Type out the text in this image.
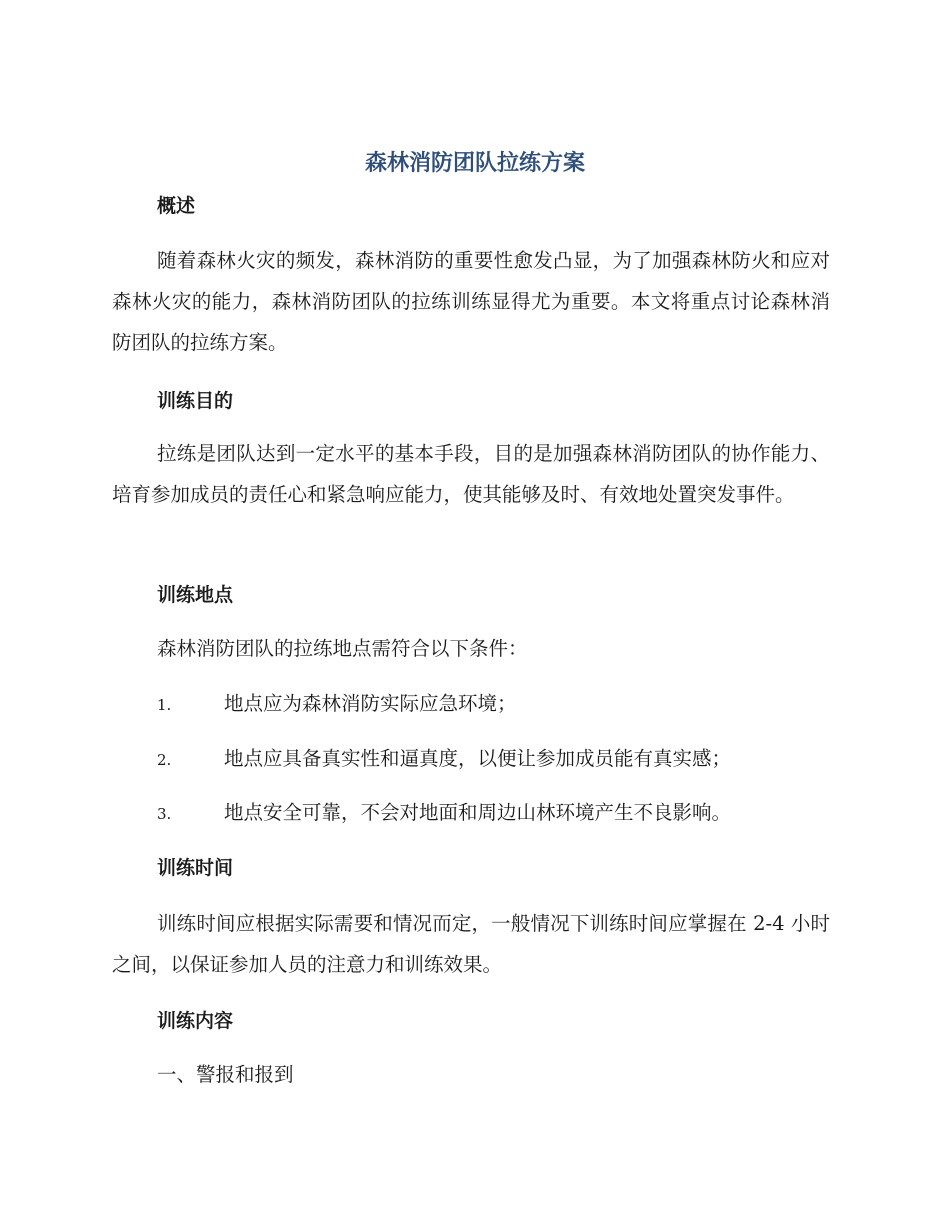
森林消防团队拉练方案
概述
随着森林火灾的频发，森林消防的重要性愈发凸显，为了加强森林防火和应对森林火灾的能力，森林消防团队的拉练训练显得尤为重要。本文将重点讨论森林消防团队的拉练方案。
训练目的
拉练是团队达到一定水平的基本手段，目的是加强森林消防团队的协作能力、培育参加成员的责任心和紧急响应能力，使其能够及时、有效地处置突发事件。
训练地点
森林消防团队的拉练地点需符合以下条件：
1.	地点应为森林消防实际应急环境；
2.	地点应具备真实性和逼真度，以便让参加成员能有真实感；
3.	地点安全可靠，不会对地面和周边山林环境产生不良影响。
训练时间
训练时间应根据实际需要和情况而定，一般情况下训练时间应掌握在 2-4 小时之间，以保证参加人员的注意力和训练效果。
训练内容
一、警报和报到
